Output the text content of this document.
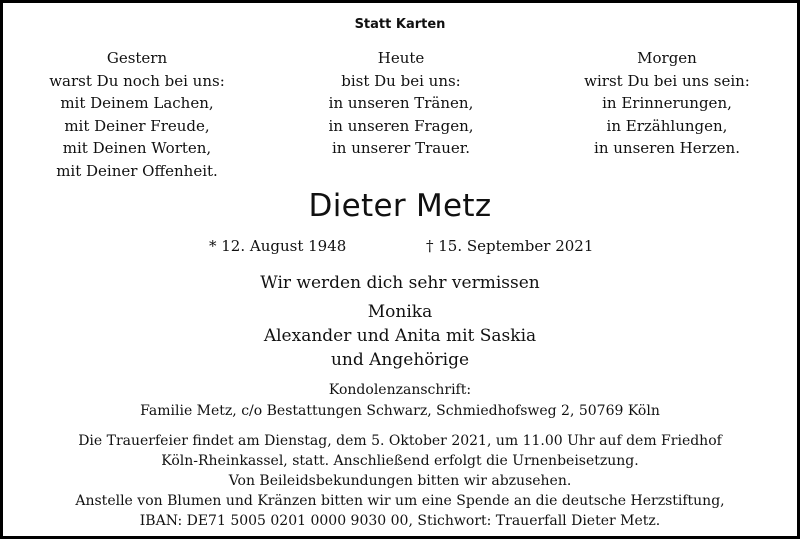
Statt Karten
Gestern
warst Du noch bei uns:
mit Deinem Lachen,
mit Deiner Freude,
mit Deinen Worten,
mit Deiner Offenheit.
Heute
bist Du bei uns:
in unseren Tränen,
in unseren Fragen,
in unserer Trauer.
Morgen
wirst Du bei uns sein:
in Erinnerungen,
in Erzählungen,
in unseren Herzen.
Dieter Metz
* 12. August 1948	† 15. September 2021
Wir werden dich sehr vermissen
Monika
Alexander und Anita mit Saskia
und Angehörige
Kondolenzanschrift:
Familie Metz, c/o Bestattungen Schwarz, Schmiedhofsweg 2, 50769 Köln
Die Trauerfeier findet am Dienstag, dem 5. Oktober 2021, um 11.00 Uhr auf dem Friedhof
Köln-Rheinkassel, statt. Anschließend erfolgt die Urnenbeisetzung.
Von Beileidsbekundungen bitten wir abzusehen.
Anstelle von Blumen und Kränzen bitten wir um eine Spende an die deutsche Herzstiftung,
IBAN: DE71 5005 0201 0000 9030 00, Stichwort: Trauerfall Dieter Metz.
